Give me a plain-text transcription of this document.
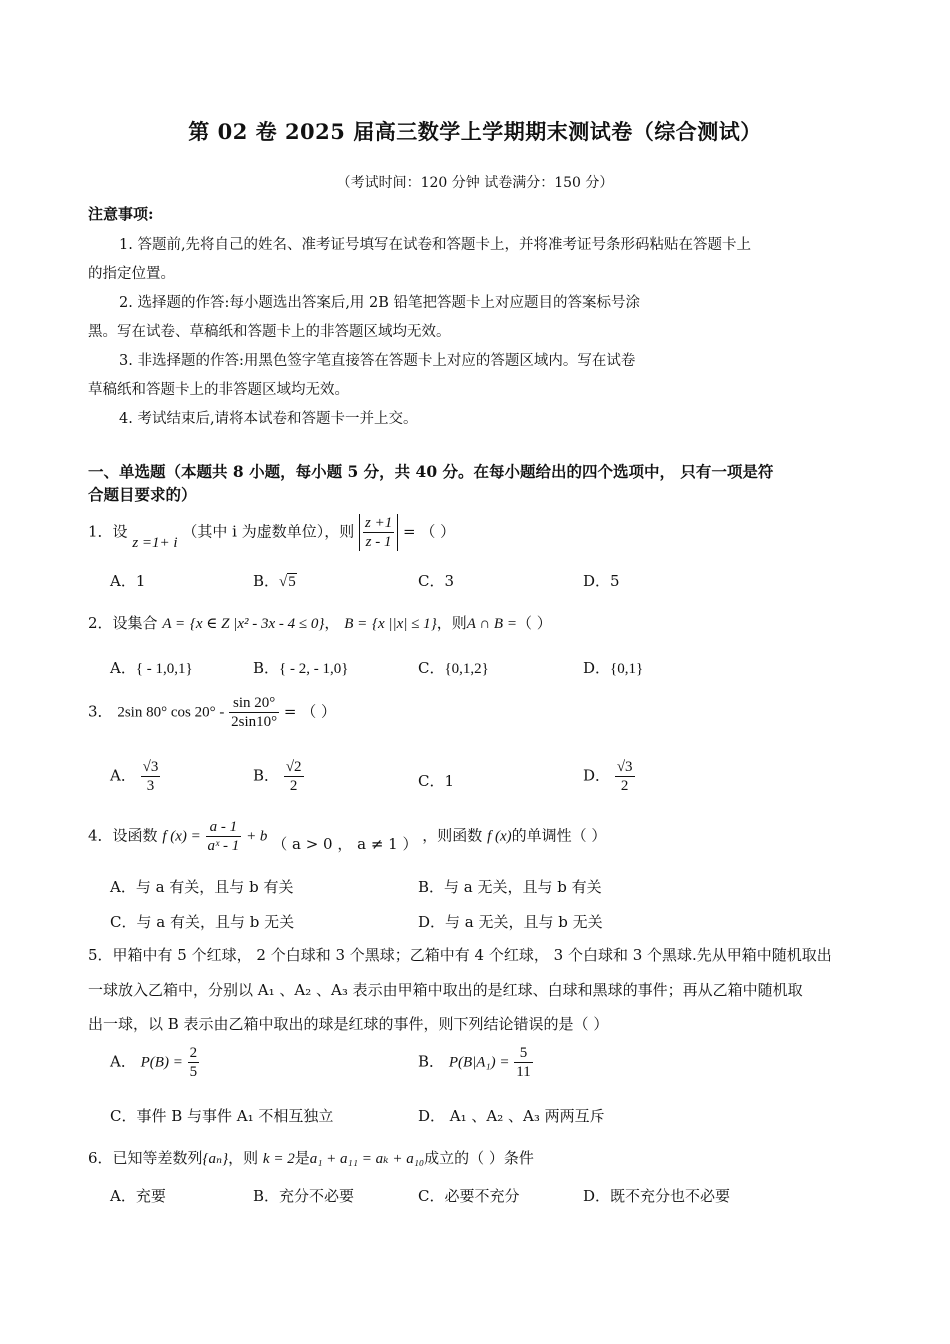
第 02 卷 2025 届高三数学上学期期末测试卷（综合测试）
（考试时间：120 分钟 试卷满分：150 分）
注意事项:
1. 答题前,先将自己的姓名、准考证号填写在试卷和答题卡上，并将准考证号条形码粘贴在答题卡上
的指定位置。
2. 选择题的作答:每小题选出答案后,用 2B 铅笔把答题卡上对应题目的答案标号涂
黑。写在试卷、草稿纸和答题卡上的非答题区域均无效。
3. 非选择题的作答:用黑色签字笔直接答在答题卡上对应的答题区域内。写在试卷
草稿纸和答题卡上的非答题区域均无效。
4. 考试结束后,请将本试卷和答题卡一并上交。
一、单选题（本题共 8 小题，每小题 5 分，共 40 分。在每小题给出的四个选项中， 只有一项是符
合题目要求的）
1．设 z =1+ i （其中 i 为虚数单位），则 $\frac{z +1}{z - 1}$ = （ ）
A．1	B．√5	C．3	D．5
2．设集合 A = {x ∈ Z |x² - 3x - 4 ≤ 0}， B = {x ||x| ≤ 1}，则A ∩ B =（ ）
A．{ - 1,0,1}	B．{ - 2, - 1,0}	C．{0,1,2}	D．{0,1}
3． 2sin 80° $\cos 20^\circ - \frac{\sin 20^\circ}{2\sin 10^\circ}$ = （ ）
A． $\frac{√3}{3}$	B． $\frac{√2}{2}$	C．1	D． $\frac{√3}{2}$
4．设函数 f $(x) = \frac{a - 1}{\text{aˣ - 1}} + b$ （ a > 0 ， a ≠ 1 ） ，则函数 f (x)的单调性（ ）
A．与 a 有关，且与 b 有关	B．与 a 无关，且与 b 有关
C．与 a 有关，且与 b 无关	D．与 a 无关，且与 b 无关
5．甲箱中有 5 个红球， 2 个白球和 3 个黑球；乙箱中有 4 个红球， 3 个白球和 3 个黑球.先从甲箱中随机取出
一球放入乙箱中，分别以 A₁ 、A₂ 、A₃ 表示由甲箱中取出的是红球、白球和黑球的事件；再从乙箱中随机取
出一球，以 B 表示由乙箱中取出的球是红球的事件，则下列结论错误的是（ ）
A． $P(B) = \frac{2}{5}$	B． $P(B|A_1) = \frac{5}{11}$
C．事件 B 与事件 A₁ 不相互独立	D． A₁ 、A₂ 、A₃ 两两互斥
6．已知等差数列{aₙ}，则 k = 2是a₁ + a₁₁ = aₖ + a₁₀成立的（ ）条件
A．充要	B．充分不必要	C．必要不充分	D．既不充分也不必要
